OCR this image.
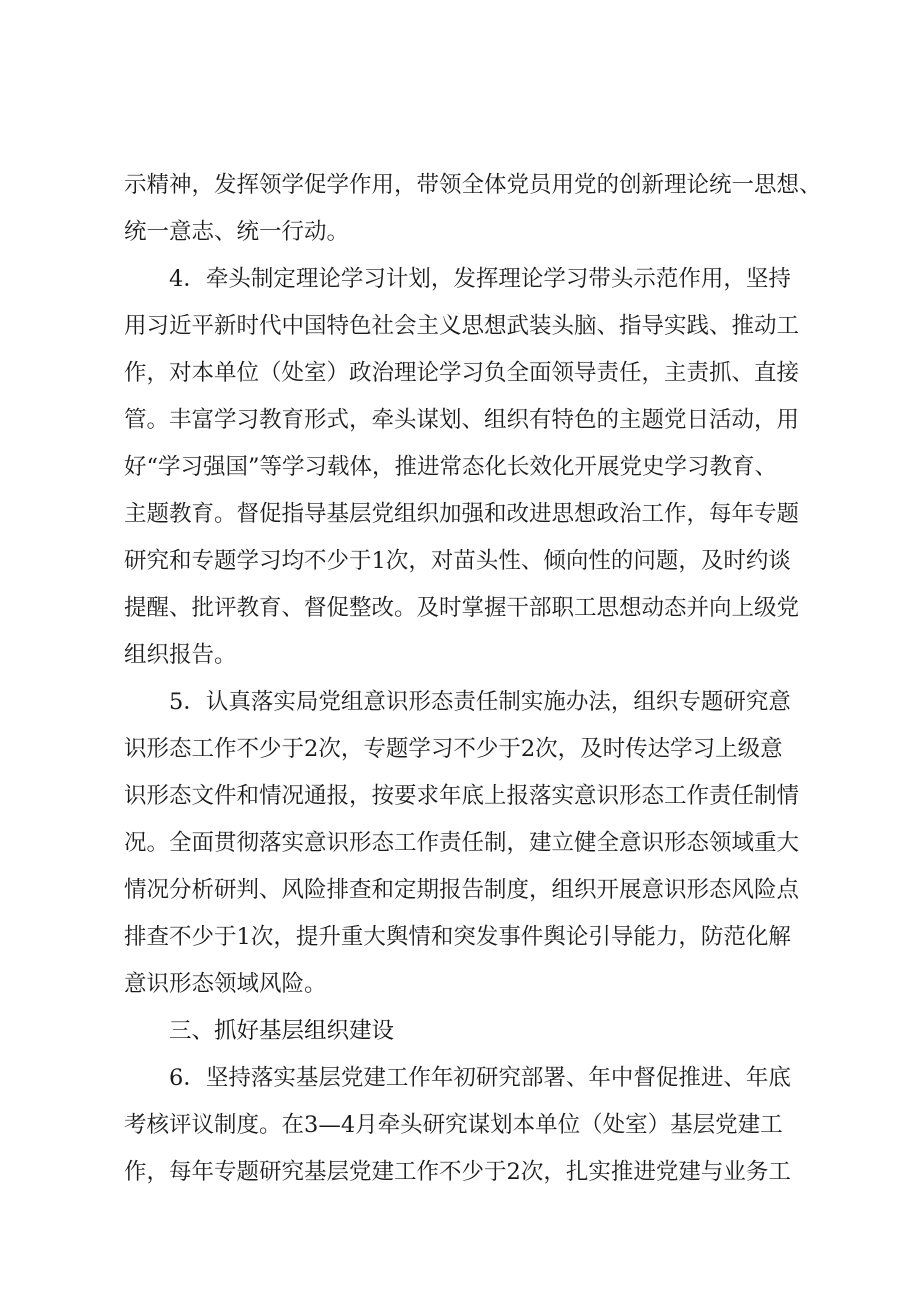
示精神，发挥领学促学作用，带领全体党员用党的创新理论统一思想、
统一意志、统一行动。
4．牵头制定理论学习计划，发挥理论学习带头示范作用，坚持
用习近平新时代中国特色社会主义思想武装头脑、指导实践、推动工
作，对本单位（处室）政治理论学习负全面领导责任，主责抓、直接
管。丰富学习教育形式，牵头谋划、组织有特色的主题党日活动，用
好“学习强国”等学习载体，推进常态化长效化开展党史学习教育、
主题教育。督促指导基层党组织加强和改进思想政治工作，每年专题
研究和专题学习均不少于1次，对苗头性、倾向性的问题，及时约谈
提醒、批评教育、督促整改。及时掌握干部职工思想动态并向上级党
组织报告。
5．认真落实局党组意识形态责任制实施办法，组织专题研究意
识形态工作不少于2次，专题学习不少于2次，及时传达学习上级意
识形态文件和情况通报，按要求年底上报落实意识形态工作责任制情
况。全面贯彻落实意识形态工作责任制，建立健全意识形态领域重大
情况分析研判、风险排查和定期报告制度，组织开展意识形态风险点
排查不少于1次，提升重大舆情和突发事件舆论引导能力，防范化解
意识形态领域风险。
三、抓好基层组织建设
6．坚持落实基层党建工作年初研究部署、年中督促推进、年底
考核评议制度。在3—4月牵头研究谋划本单位（处室）基层党建工
作，每年专题研究基层党建工作不少于2次，扎实推进党建与业务工
